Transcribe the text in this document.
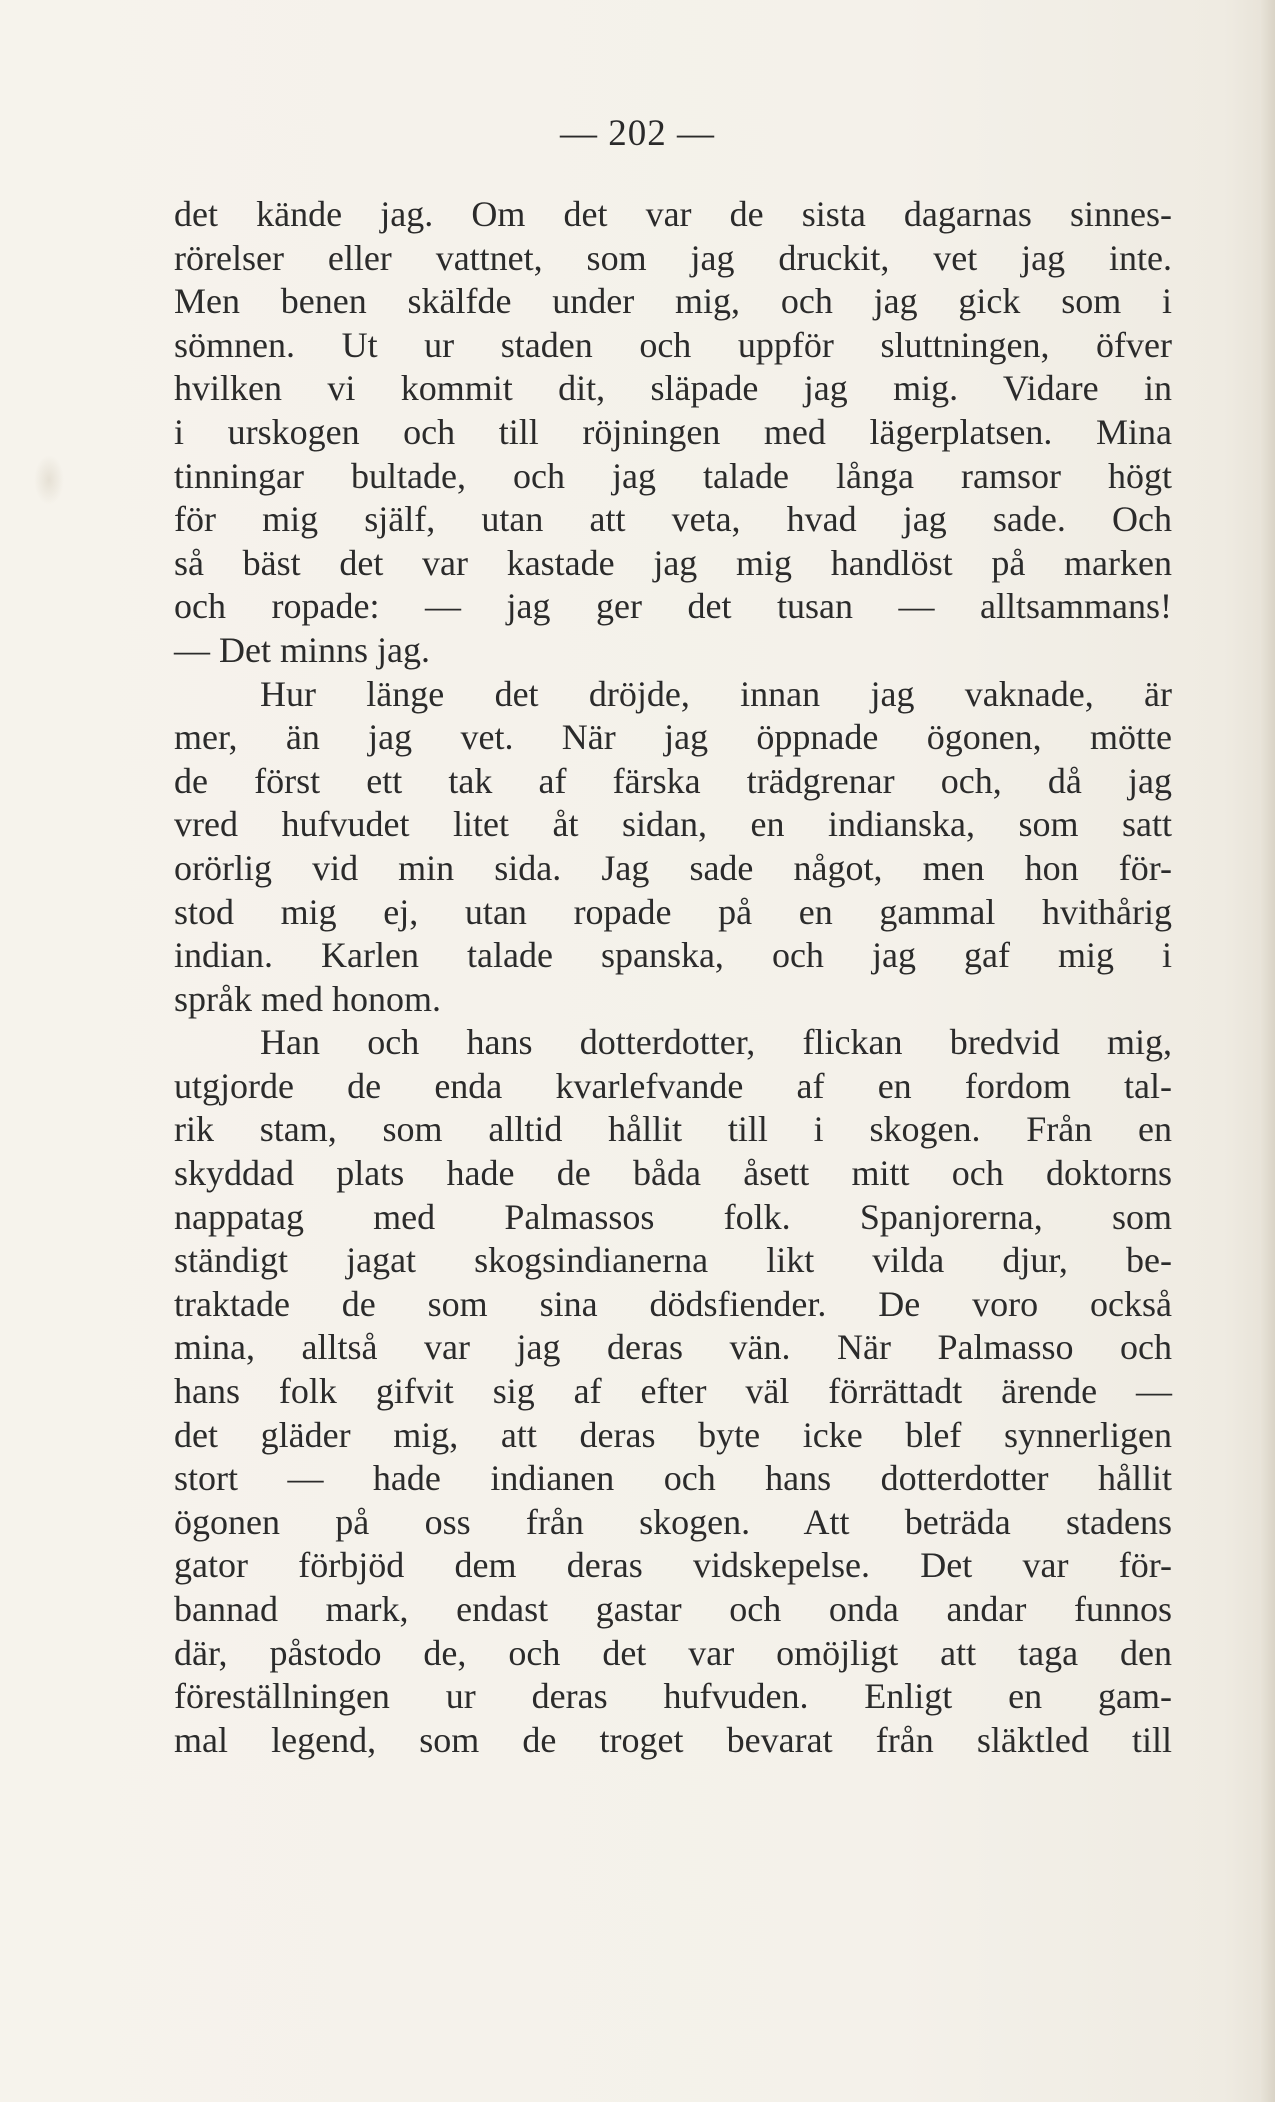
— 202 —
det kände jag. Om det var de sista dagarnas sinnes-
rörelser eller vattnet, som jag druckit, vet jag inte.
Men benen skälfde under mig, och jag gick som i
sömnen. Ut ur staden och uppför sluttningen, öfver
hvilken vi kommit dit, släpade jag mig. Vidare in
i urskogen och till röjningen med lägerplatsen. Mina
tinningar bultade, och jag talade långa ramsor högt
för mig själf, utan att veta, hvad jag sade. Och
så bäst det var kastade jag mig handlöst på marken
och ropade: — jag ger det tusan — alltsammans!
— Det minns jag.
Hur länge det dröjde, innan jag vaknade, är
mer, än jag vet. När jag öppnade ögonen, mötte
de först ett tak af färska trädgrenar och, då jag
vred hufvudet litet åt sidan, en indianska, som satt
orörlig vid min sida. Jag sade något, men hon för-
stod mig ej, utan ropade på en gammal hvithårig
indian. Karlen talade spanska, och jag gaf mig i
språk med honom.
Han och hans dotterdotter, flickan bredvid mig,
utgjorde de enda kvarlefvande af en fordom tal-
rik stam, som alltid hållit till i skogen. Från en
skyddad plats hade de båda åsett mitt och doktorns
nappatag med Palmassos folk. Spanjorerna, som
ständigt jagat skogsindianerna likt vilda djur, be-
traktade de som sina dödsfiender. De voro också
mina, alltså var jag deras vän. När Palmasso och
hans folk gifvit sig af efter väl förrättadt ärende —
det gläder mig, att deras byte icke blef synnerligen
stort — hade indianen och hans dotterdotter hållit
ögonen på oss från skogen. Att beträda stadens
gator förbjöd dem deras vidskepelse. Det var för-
bannad mark, endast gastar och onda andar funnos
där, påstodo de, och det var omöjligt att taga den
föreställningen ur deras hufvuden. Enligt en gam-
mal legend, som de troget bevarat från släktled till
